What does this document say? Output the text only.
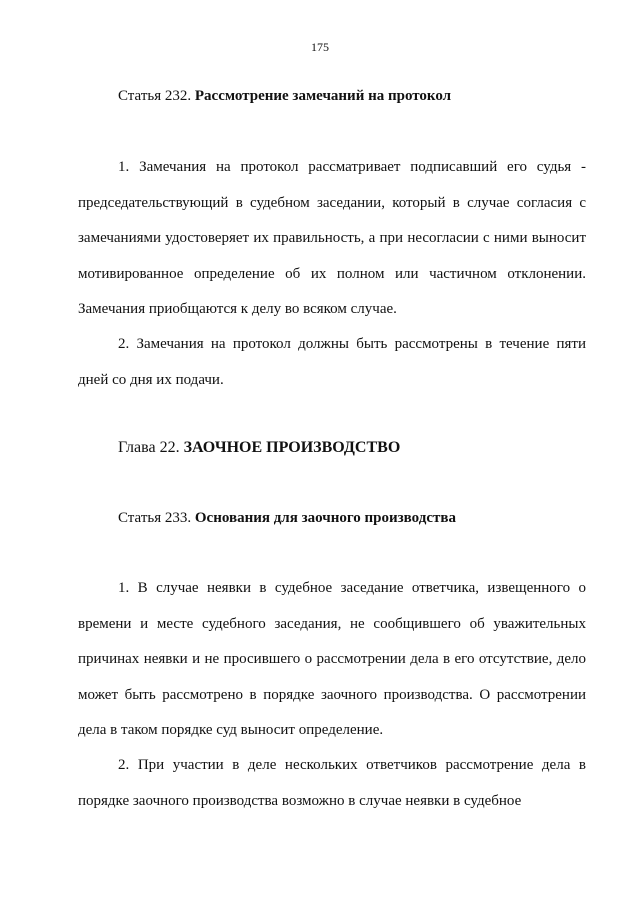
175
Статья 232. Рассмотрение замечаний на протокол

1. Замечания на протокол рассматривает подписавший его судья - председательствующий в судебном заседании, который в случае согласия с замечаниями удостоверяет их правильность, а при несогласии с ними выносит мотивированное определение об их полном или частичном отклонении. Замечания приобщаются к делу во всяком случае.

2. Замечания на протокол должны быть рассмотрены в течение пяти дней со дня их подачи.

Глава 22. ЗАОЧНОЕ ПРОИЗВОДСТВО
Статья 233. Основания для заочного производства

1. В случае неявки в судебное заседание ответчика, извещенного о времени и месте судебного заседания, не сообщившего об уважительных причинах неявки и не просившего о рассмотрении дела в его отсутствие, дело может быть рассмотрено в порядке заочного производства. О рассмотрении дела в таком порядке суд выносит определение.

2. При участии в деле нескольких ответчиков рассмотрение дела в порядке заочного производства возможно в случае неявки в судебное
